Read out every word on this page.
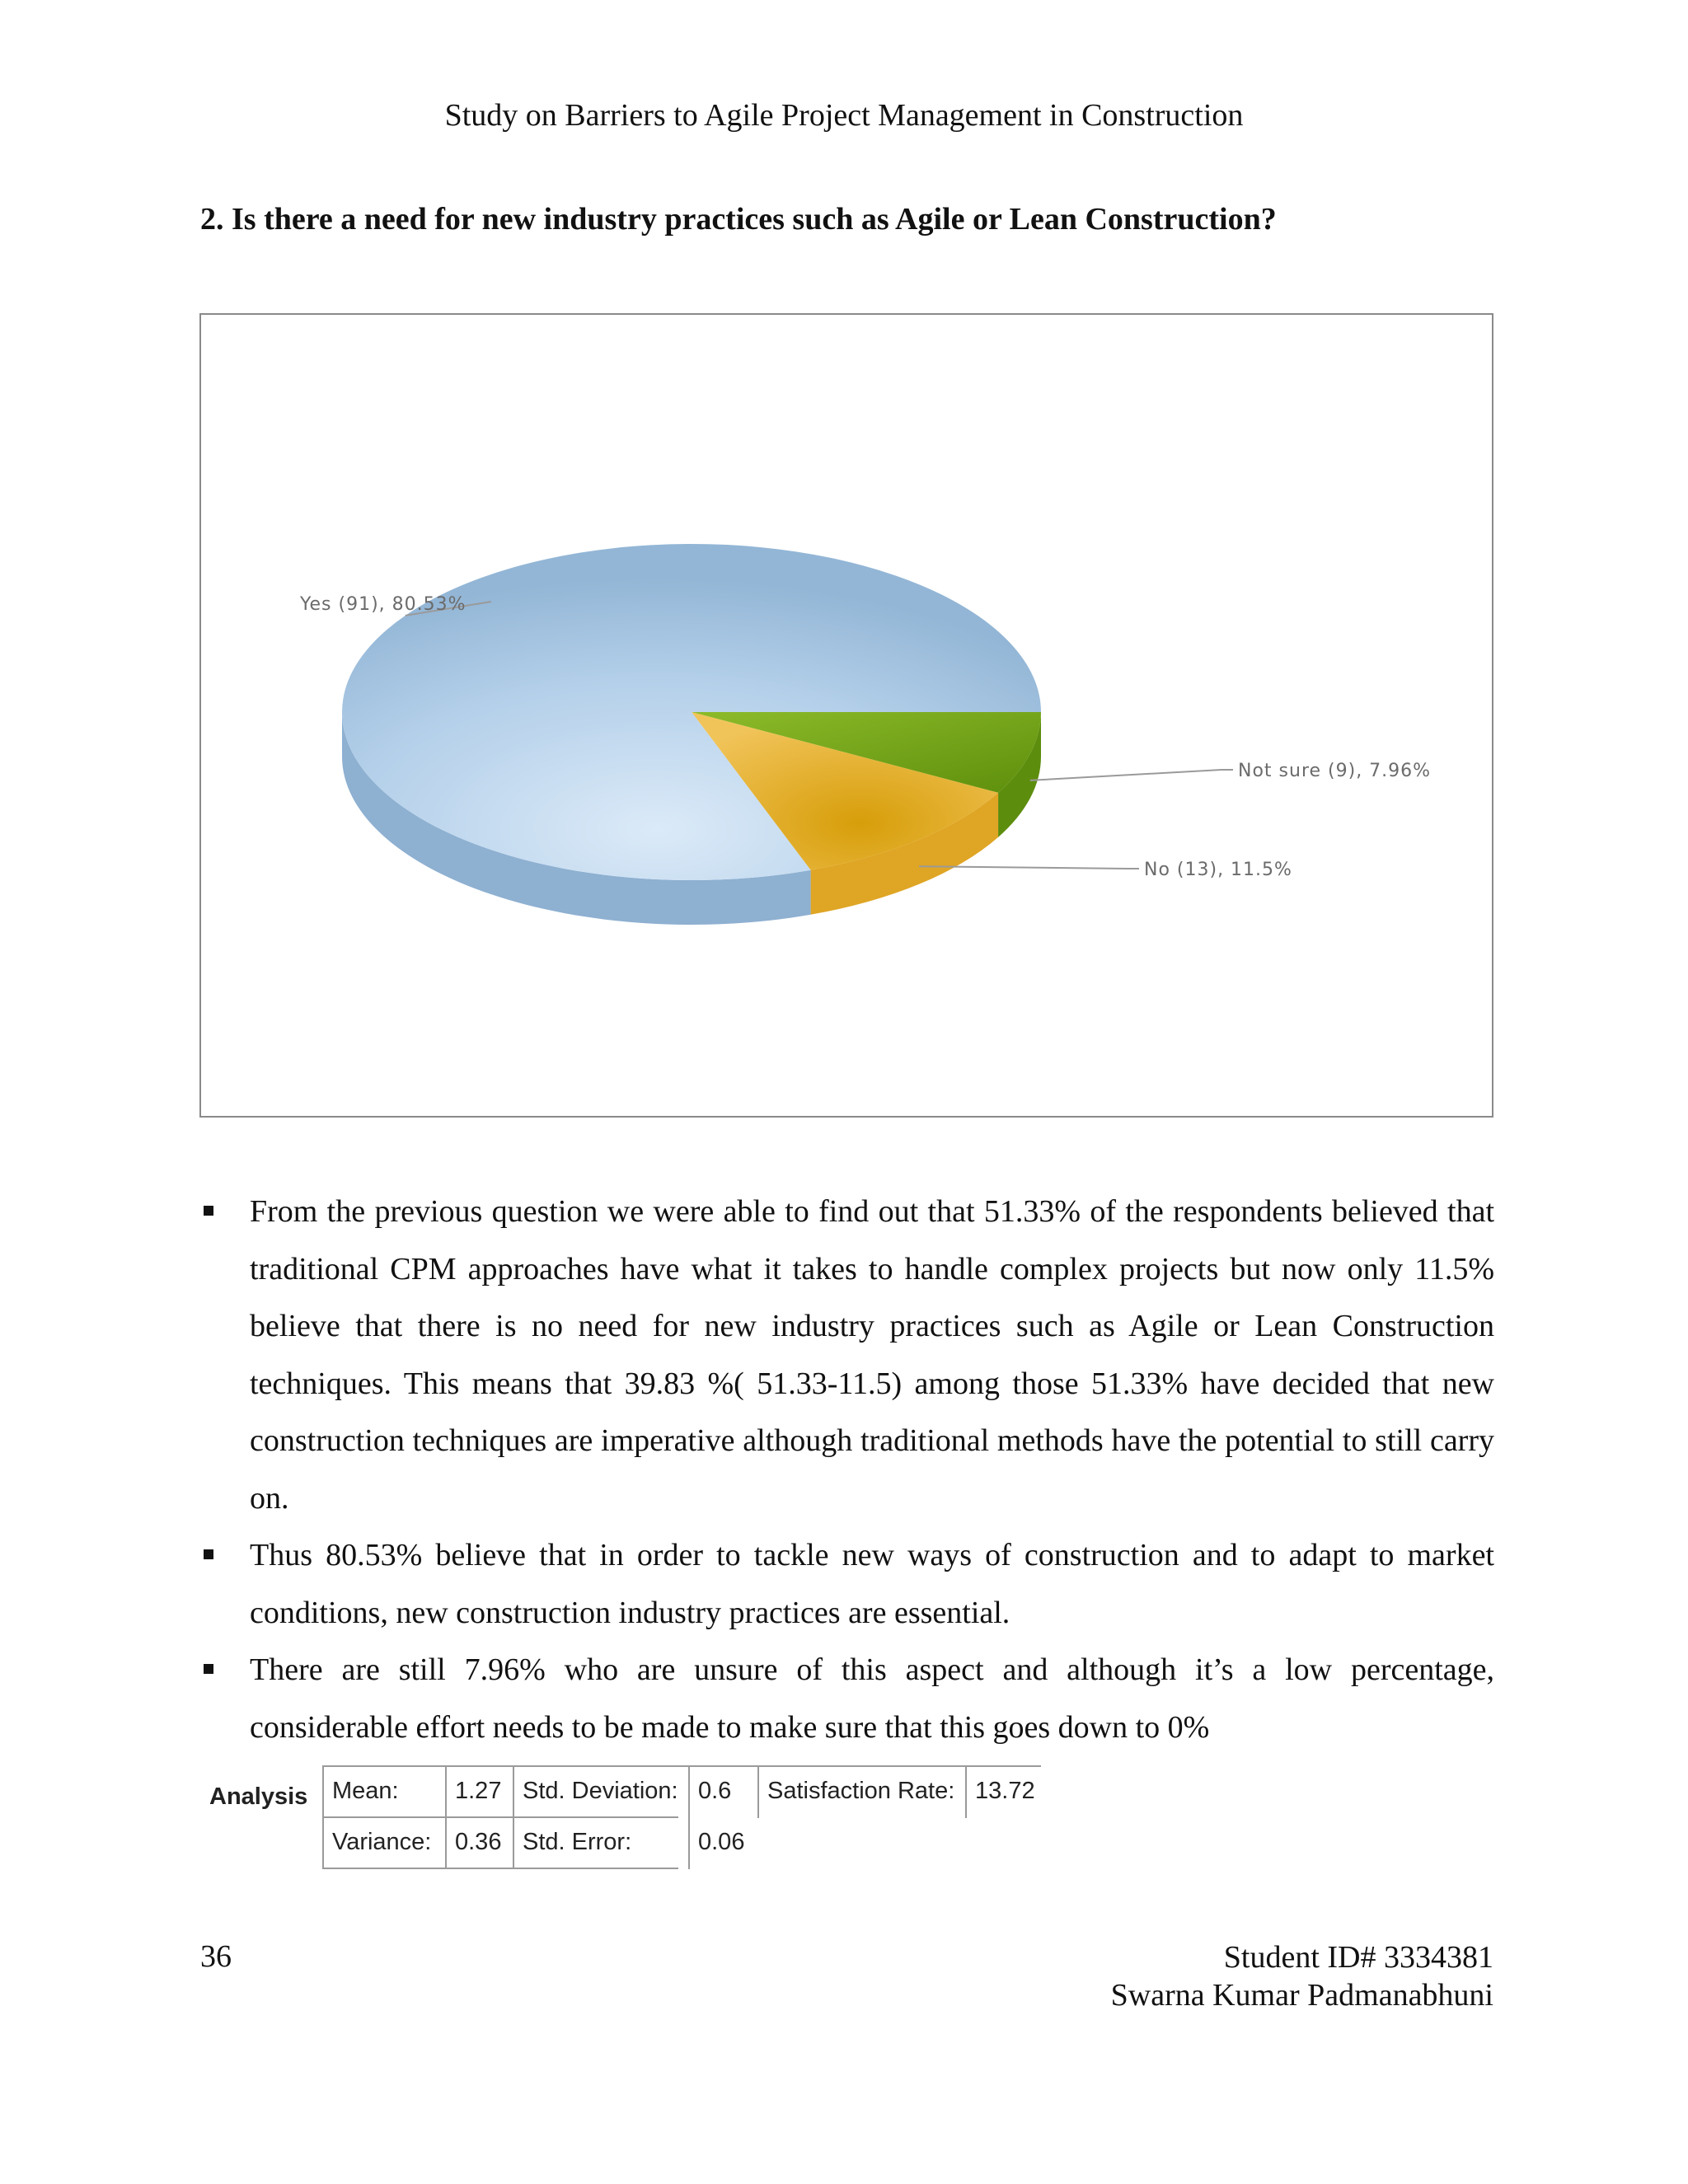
Study on Barriers to Agile Project Management in Construction
2. Is there a need for new industry practices such as Agile or Lean Construction?
Yes (91), 80.53%
Not sure (9), 7.96%
No (13), 11.5%
From the previous question we were able to find out that 51.33% of the respondents believed that traditional CPM approaches have what it takes to handle complex projects but now only 11.5% believe that there is no need for new industry practices such as Agile or Lean Construction techniques. This means that 39.83 %( 51.33-11.5) among those 51.33% have decided that new construction techniques are imperative although traditional methods have the potential to still carry on.
Thus 80.53% believe that in order to tackle new ways of construction and to adapt to market conditions, new construction industry practices are essential.
There are still 7.96% who are unsure of this aspect and although it’s a low percentage, considerable effort needs to be made to make sure that this goes down to 0%
Analysis	Mean:	1.27 Std. Deviation: 0.6	Satisfaction Rate: 13.72
Variance: 0.36 Std. Error:	0.06
36	Student ID# 3334381
Swarna Kumar Padmanabhuni
